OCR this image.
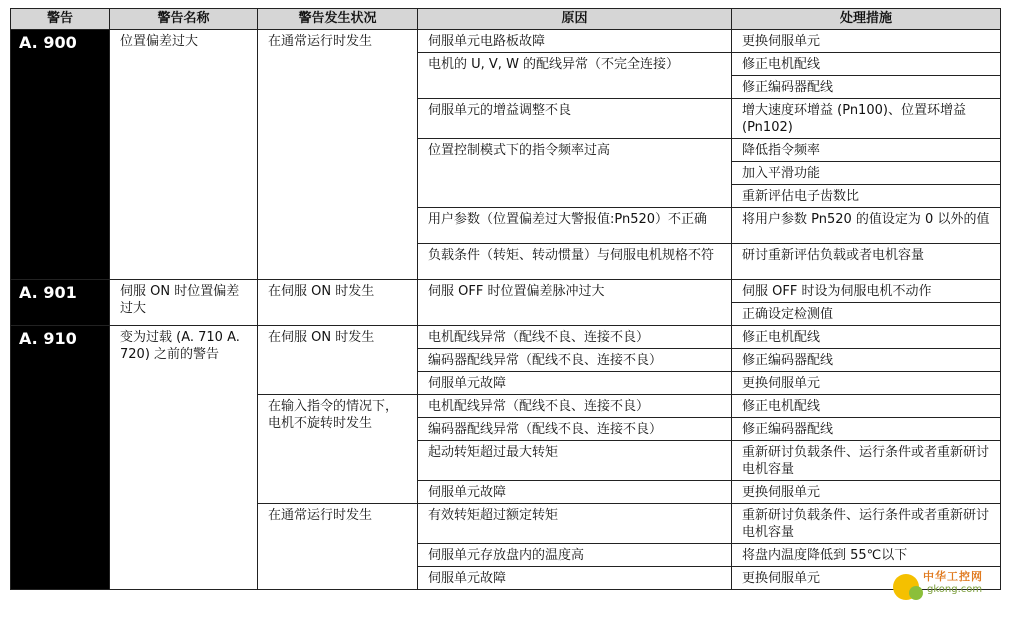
警告	警告名称	警告发生状况	原因	处理措施
A. 900	位置偏差过大	在通常运行时发生	伺服单元电路板故障	更换伺服单元
			电机的 U, V, W 的配线异常（不完全连接）	修正电机配线
				修正编码器配线
			伺服单元的增益调整不良	增大速度环增益 (Pn100)、位置环增益 (Pn102)
			位置控制模式下的指令频率过高	降低指令频率
				加入平滑功能
				重新评估电子齿数比
			用户参数（位置偏差过大警报值:Pn520）不正确	将用户参数 Pn520 的值设定为 0 以外的值
			负载条件（转矩、转动惯量）与伺服电机规格不符	研讨重新评估负载或者电机容量
A. 901	伺服 ON 时位置偏差过大	在伺服 ON 时发生	伺服 OFF 时位置偏差脉冲过大	伺服 OFF 时设为伺服电机不动作
				正确设定检测值
A. 910	变为过载 (A. 710 A. 720) 之前的警告	在伺服 ON 时发生	电机配线异常（配线不良、连接不良）	修正电机配线
			编码器配线异常（配线不良、连接不良）	修正编码器配线
			伺服单元故障	更换伺服单元
		在输入指令的情况下，电机不旋转时发生	电机配线异常（配线不良、连接不良）	修正电机配线
			编码器配线异常（配线不良、连接不良）	修正编码器配线
			起动转矩超过最大转矩	重新研讨负载条件、运行条件或者重新研讨电机容量
			伺服单元故障	更换伺服单元
		在通常运行时发生	有效转矩超过额定转矩	重新研讨负载条件、运行条件或者重新研讨电机容量
			伺服单元存放盘内的温度高	将盘内温度降低到 55℃以下
			伺服单元故障	更换伺服单元	中华工控网
gkong.com
